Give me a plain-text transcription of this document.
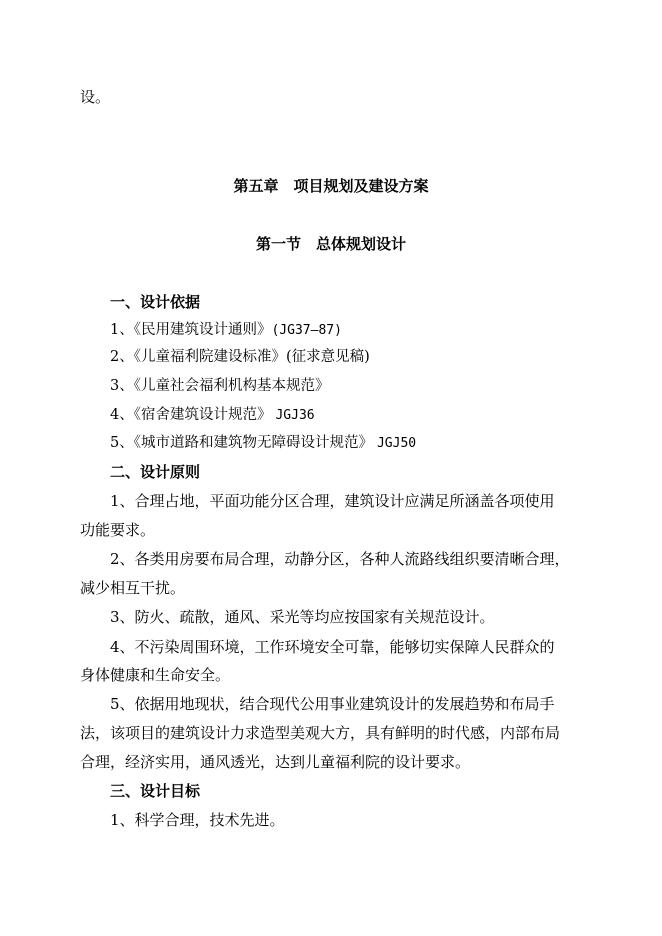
设。
第五章　项目规划及建设方案
第一节　总体规划设计
一、设计依据
1、《民用建筑设计通则》(JG37—87)
2、《儿童福利院建设标准》(征求意见稿)
3、《儿童社会福利机构基本规范》
4、《宿舍建筑设计规范》 JGJ36
5、《城市道路和建筑物无障碍设计规范》 JGJ50
二、设计原则
1、合理占地，平面功能分区合理，建筑设计应满足所涵盖各项使用
功能要求。
2、各类用房要布局合理，动静分区，各种人流路线组织要清晰合理，
减少相互干扰。
3、防火、疏散，通风、采光等均应按国家有关规范设计。
4、不污染周围环境，工作环境安全可靠，能够切实保障人民群众的
身体健康和生命安全。
5、依据用地现状，结合现代公用事业建筑设计的发展趋势和布局手
法，该项目的建筑设计力求造型美观大方，具有鲜明的时代感，内部布局
合理，经济实用，通风透光，达到儿童福利院的设计要求。
三、设计目标
1、科学合理，技术先进。
